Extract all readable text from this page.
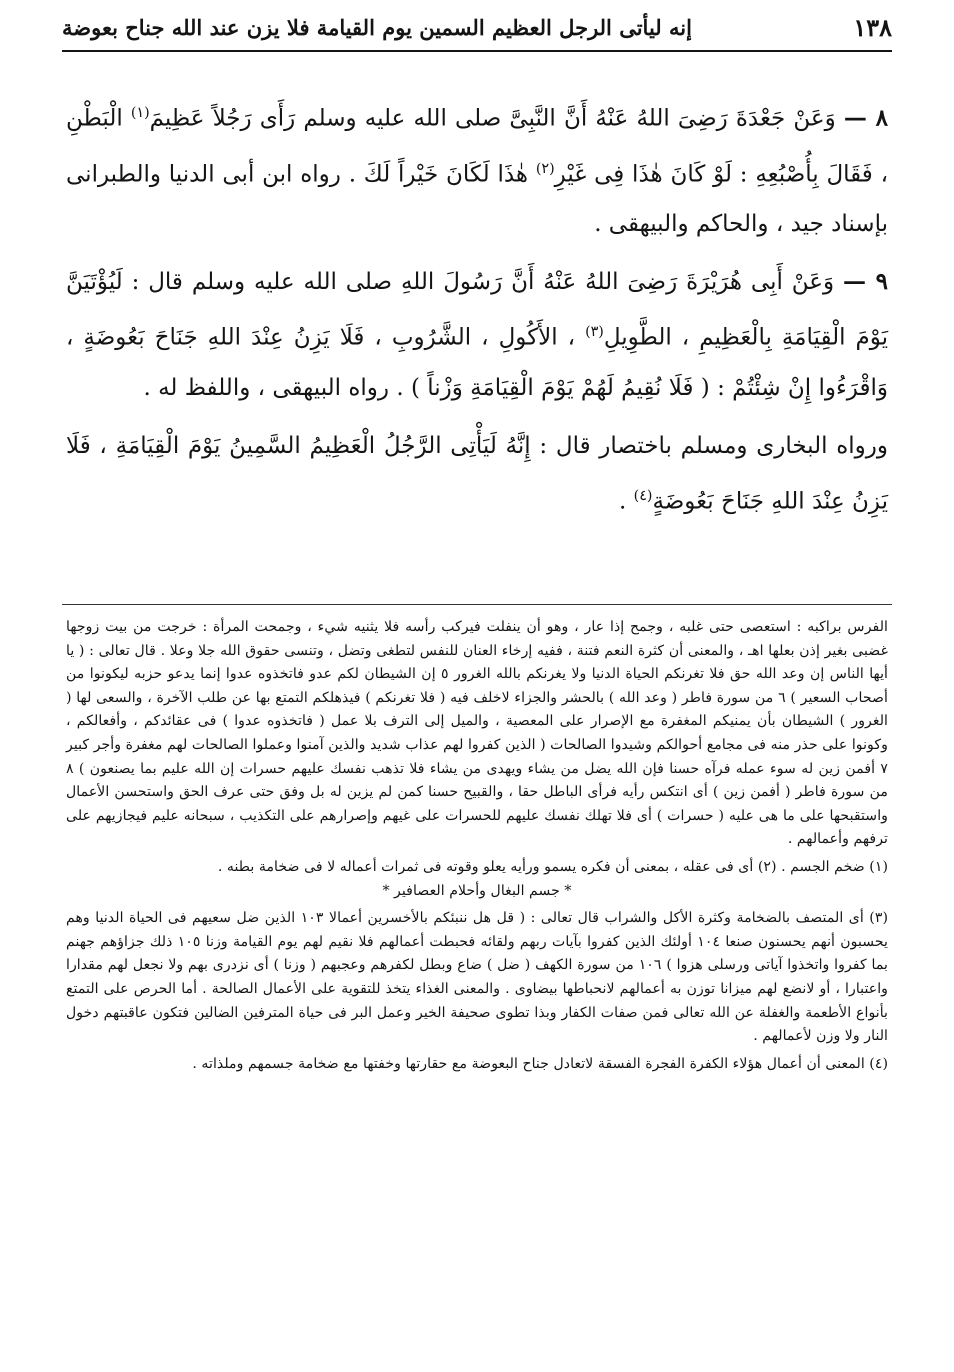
١٣٨
إنه ليأتى الرجل العظيم السمين يوم القيامة فلا يزن عند الله جناح بعوضة

٨ — وَعَنْ جَعْدَةَ رَضِىَ اللهُ عَنْهُ أَنَّ النَّبِىَّ صلى الله عليه وسلم رَأَى رَجُلاً عَظِيمَ$^{(١)}$ الْبَطْنِ ، فَقَالَ بِأُصْبُعِهِ : لَوْ كَانَ هٰذَا فِى غَيْرِ$^{(٢)}$ هٰذَا لَكَانَ خَيْراً لَكَ . رواه ابن أبى الدنيا والطبرانى بإسناد جيد ، والحاكم والبيهقى .

٩ — وَعَنْ أَبِى هُرَيْرَةَ رَضِىَ اللهُ عَنْهُ أَنَّ رَسُولَ اللهِ صلى الله عليه وسلم قال : لَيُؤْتَيَنَّ يَوْمَ الْقِيَامَةِ بِالْعَظِيمِ ، الطَّوِيلِ$^{(٣)}$ ، الأَكُولِ ، الشَّرُوبِ ، فَلَا يَزِنُ عِنْدَ اللهِ جَنَاحَ بَعُوضَةٍ ، وَاقْرَءُوا إِنْ شِئْتُمْ : ( فَلَا نُقِيمُ لَهُمْ يَوْمَ الْقِيَامَةِ وَزْناً ) . رواه البيهقى ، واللفظ له .

ورواه البخارى ومسلم باختصار قال : إِنَّهُ لَيَأْتِى الرَّجُلُ الْعَظِيمُ السَّمِينُ يَوْمَ الْقِيَامَةِ ، فَلَا يَزِنُ عِنْدَ اللهِ جَنَاحَ بَعُوضَةٍ$^{(٤)}$ .

الفرس براكبه : استعصى حتى غلبه ، وجمح إذا عار ، وهو أن ينفلت فيركب رأسه فلا يثنيه شيء ، وجمحت المرأة : خرجت من بيت زوجها غضبى بغير إذن بعلها اهـ ، والمعنى أن كثرة النعم فتنة ، ففيه إرخاء العنان للنفس لتطغى وتضل ، وتنسى حقوق الله جلا وعلا . قال تعالى : ( يا أيها الناس إن وعد الله حق فلا تغرنكم الحياة الدنيا ولا يغرنكم بالله الغرور ٥ إن الشيطان لكم عدو فاتخذوه عدوا إنما يدعو حزبه ليكونوا من أصحاب السعير ) ٦ من سورة فاطر ( وعد الله ) بالحشر والجزاء لاخلف فيه ( فلا تغرنكم ) فيذهلكم التمتع بها عن طلب الآخرة ، والسعى لها ( الغرور ) الشيطان بأن يمنيكم المغفرة مع الإصرار على المعصية ، والميل إلى الترف بلا عمل ( فاتخذوه عدوا ) فى عقائدكم ، وأفعالكم ، وكونوا على حذر منه فى مجامع أحوالكم وشيدوا الصالحات ( الذين كفروا لهم عذاب شديد والذين آمنوا وعملوا الصالحات لهم مغفرة وأجر كبير ٧ أفمن زين له سوء عمله فرآه حسنا فإن الله يضل من يشاء ويهدى من يشاء فلا تذهب نفسك عليهم حسرات إن الله عليم بما يصنعون ) ٨ من سورة فاطر ( أفمن زين ) أى انتكس رأيه فرأى الباطل حقا ، والقبيح حسنا كمن لم يزين له بل وفق حتى عرف الحق واستحسن الأعمال واستقبحها على ما هى عليه ( حسرات ) أى فلا تهلك نفسك عليهم للحسرات على غيهم وإصرارهم على التكذيب ، سبحانه عليم فيجازيهم على ترفهم وأعمالهم .

(١) ضخم الجسم . (٢) أى فى عقله ، بمعنى أن فكره يسمو ورأيه يعلو وقوته فى ثمرات أعماله لا فى ضخامة بطنه .

* جسم البغال وأحلام العصافير *

(٣) أى المتصف بالضخامة وكثرة الأكل والشراب قال تعالى : ( قل هل ننبئكم بالأخسرين أعمالا ١٠٣ الذين ضل سعيهم فى الحياة الدنيا وهم يحسبون أنهم يحسنون صنعا ١٠٤ أولئك الذين كفروا بآيات ربهم ولقائه فحبطت أعمالهم فلا نقيم لهم يوم القيامة وزنا ١٠٥ ذلك جزاؤهم جهنم بما كفروا واتخذوا آياتى ورسلى هزوا ) ١٠٦ من سورة الكهف ( ضل ) ضاع وبطل لكفرهم وعجبهم ( وزنا ) أى نزدرى بهم ولا نجعل لهم مقدارا واعتبارا ، أو لانضع لهم ميزانا توزن به أعمالهم لانحباطها بيضاوى . والمعنى الغذاء يتخذ للتقوية على الأعمال الصالحة . أما الحرص على التمتع بأنواع الأطعمة والغفلة عن الله تعالى فمن صفات الكفار وبذا تطوى صحيفة الخير وعمل البر فى حياة المترفين الضالين فتكون عاقبتهم دخول النار ولا وزن لأعمالهم .

(٤) المعنى أن أعمال هؤلاء الكفرة الفجرة الفسقة لاتعادل جناح البعوضة مع حقارتها وخفتها مع ضخامة جسمهم وملذاته .
